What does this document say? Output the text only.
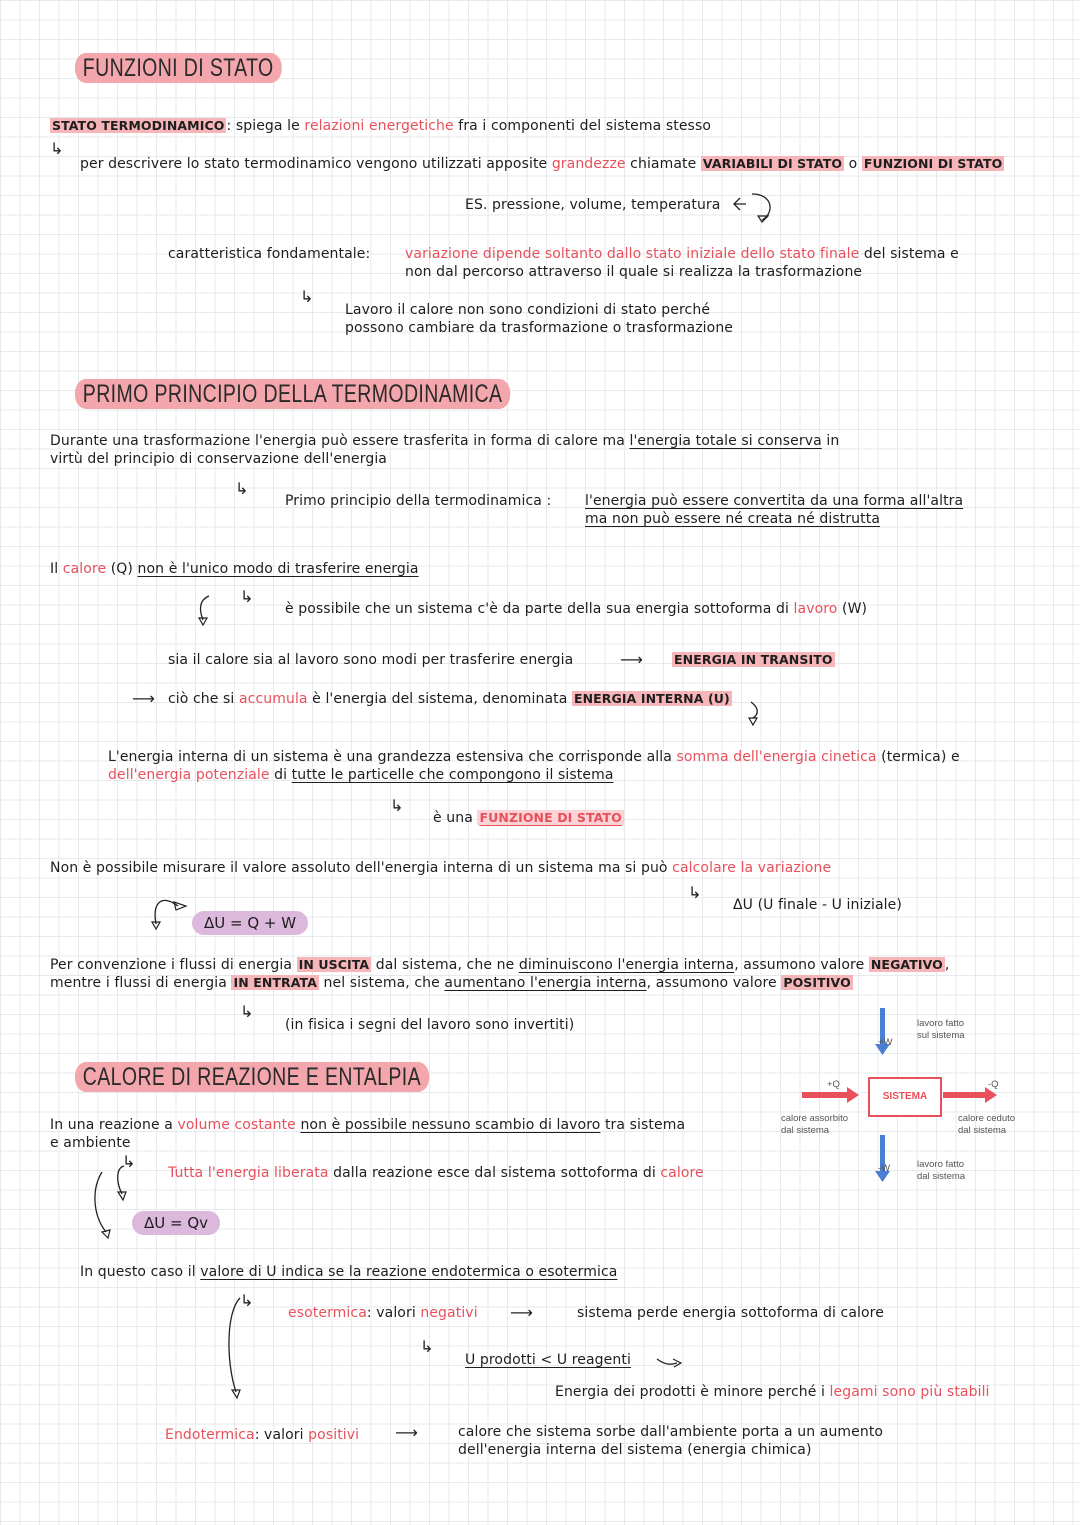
FUNZIONI DI STATO
STATO TERMODINAMICO : spiega le relazioni energetiche fra i componenti del sistema stesso
↳
per descrivere lo stato termodinamico vengono utilizzati apposite grandezze chiamate VARIABILI DI STATO o FUNZIONI DI STATO
ES. pressione, volume, temperatura
caratteristica fondamentale: variazione dipende soltanto dallo stato iniziale dello stato finale del sistema e
non dal percorso attraverso il quale si realizza la trasformazione
↳
Lavoro il calore non sono condizioni di stato perché
possono cambiare da trasformazione o trasformazione
PRIMO PRINCIPIO DELLA TERMODINAMICA
Durante una trasformazione l'energia può essere trasferita in forma di calore ma l'energia totale si conserva in
virtù del principio di conservazione dell'energia
↳
Primo principio della termodinamica : l'energia può essere convertita da una forma all'altra
ma non può essere né creata né distrutta
Il calore (Q) non è l'unico modo di trasferire energia
↳
è possibile che un sistema c'è da parte della sua energia sottoforma di lavoro (W)
sia il calore sia al lavoro sono modi per trasferire energia	⟶ ENERGIA IN TRANSITO
⟶ ciò che si accumula è l'energia del sistema, denominata ENERGIA INTERNA (U)
L'energia interna di un sistema è una grandezza estensiva che corrisponde alla somma dell'energia cinetica (termica) e
dell'energia potenziale di tutte le particelle che compongono il sistema
↳
è una FUNZIONE DI STATO
Non è possibile misurare il valore assoluto dell'energia interna di un sistema ma si può calcolare la variazione
↳
ΔU (U finale - U iniziale)
ΔU = Q + W
Per convenzione i flussi di energia IN USCITA dal sistema, che ne diminuiscono l'energia interna, assumono valore NEGATIVO ,
mentre i flussi di energia IN ENTRATA nel sistema, che aumentano l'energia interna, assumono valore POSITIVO
↳
(in fisica i segni del lavoro sono invertiti)
SISTEMA
+W
lavoro fatto
sul sistema
+Q	-Q
calore assorbito
dal sistema
calore ceduto
dal sistema
-W	lavoro fatto
dal sistema
CALORE DI REAZIONE E ENTALPIA
In una reazione a volume costante non è possibile nessuno scambio di lavoro tra sistema
e ambiente
↳
Tutta l'energia liberata dalla reazione esce dal sistema sottoforma di calore
ΔU = Qv
In questo caso il valore di U indica se la reazione endotermica o esotermica
↳
esotermica: valori negativi ⟶	sistema perde energia sottoforma di calore
↳
U prodotti < U reagenti
Energia dei prodotti è minore perché i legami sono più stabili
Endotermica: valori positivi ⟶	calore che sistema sorbe dall'ambiente porta a un aumento
dell'energia interna del sistema (energia chimica)
